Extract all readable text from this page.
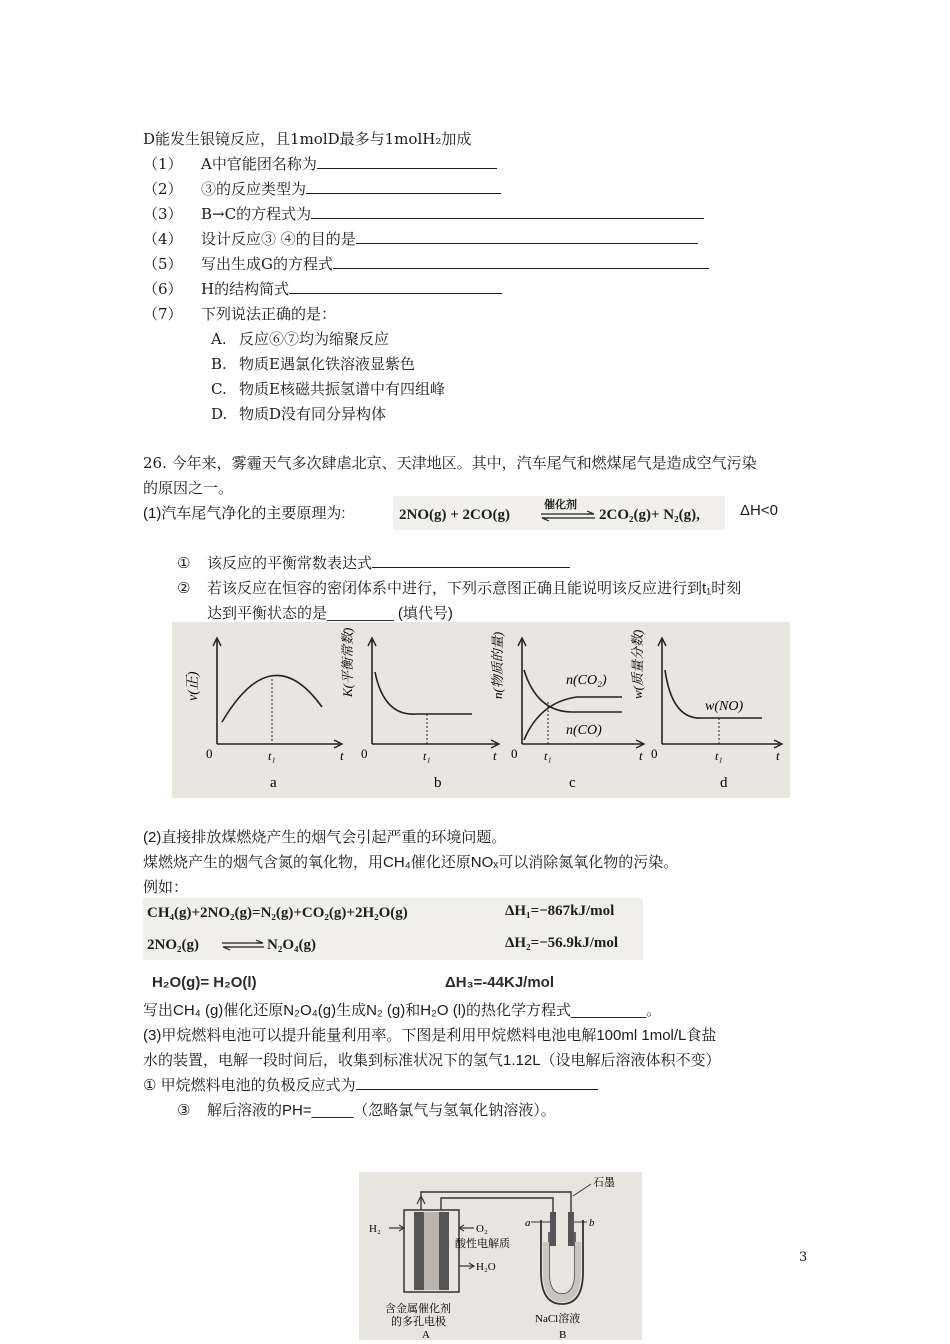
D能发生银镜反应，且1molD最多与1molH₂加成
（1） A中官能团名称为
（2） ③的反应类型为
（3） B→C的方程式为
（4） 设计反应③ ④的目的是
（5） 写出生成G的方程式
（6） H的结构简式
（7） 下列说法正确的是：
A. 反应⑥⑦均为缩聚反应
B. 物质E遇氯化铁溶液显紫色
C. 物质E核磁共振氢谱中有四组峰
D. 物质D没有同分异构体
26. 今年来，雾霾天气多次肆虐北京、天津地区。其中，汽车尾气和燃煤尾气是造成空气污染
的原因之一。
(1)汽车尾气净化的主要原理为:	2NO(g) + 2CO(g)
催化剂
⇌ 2CO₂(g)+ N₂(g),	ΔH<0
① 该反应的平衡常数表达式
② 若该反应在恒容的密闭体系中进行，下列示意图正确且能说明该反应进行到t₁时刻
达到平衡状态的是________ (填代号)
v(正)
0	t₁	t
a
K(平衡常数)
0	t₁	t
b
n(物质的量)	n(CO₂)
n(CO)
0 t₁	t
c
w(质量分数)
w(NO)
0	t₁	t
d
(2)直接排放煤燃烧产生的烟气会引起严重的环境问题。
煤燃烧产生的烟气含氮的氧化物，用CH₄催化还原NOₓ可以消除氮氧化物的污染。
例如：
CH₄(g)+2NO₂(g)=N₂(g)+CO₂(g)+2H₂O(g)	ΔH₁=−867kJ/mol
2NO₂(g)	N₂O₄(g)	ΔH₂=−56.9kJ/mol
H₂O(g)= H₂O(l)	ΔH₃=-44KJ/mol
写出CH₄ (g)催化还原N₂O₄(g)生成N₂ (g)和H₂O (l)的热化学方程式_________。
(3)甲烷燃料电池可以提升能量利用率。下图是利用甲烷燃料电池电解100ml 1mol/L食盐
水的装置，电解一段时间后，收集到标准状况下的氢气1.12L（设电解后溶液体积不变）
① 甲烷燃料电池的负极反应式为
③ 解后溶液的PH=_____（忽略氯气与氢氧化钠溶液）。
H₂	O₂
H₂O
酸性电解质
含金属催化剂
的多孔电极
A
a	b
石墨
NaCl溶液
B
3
